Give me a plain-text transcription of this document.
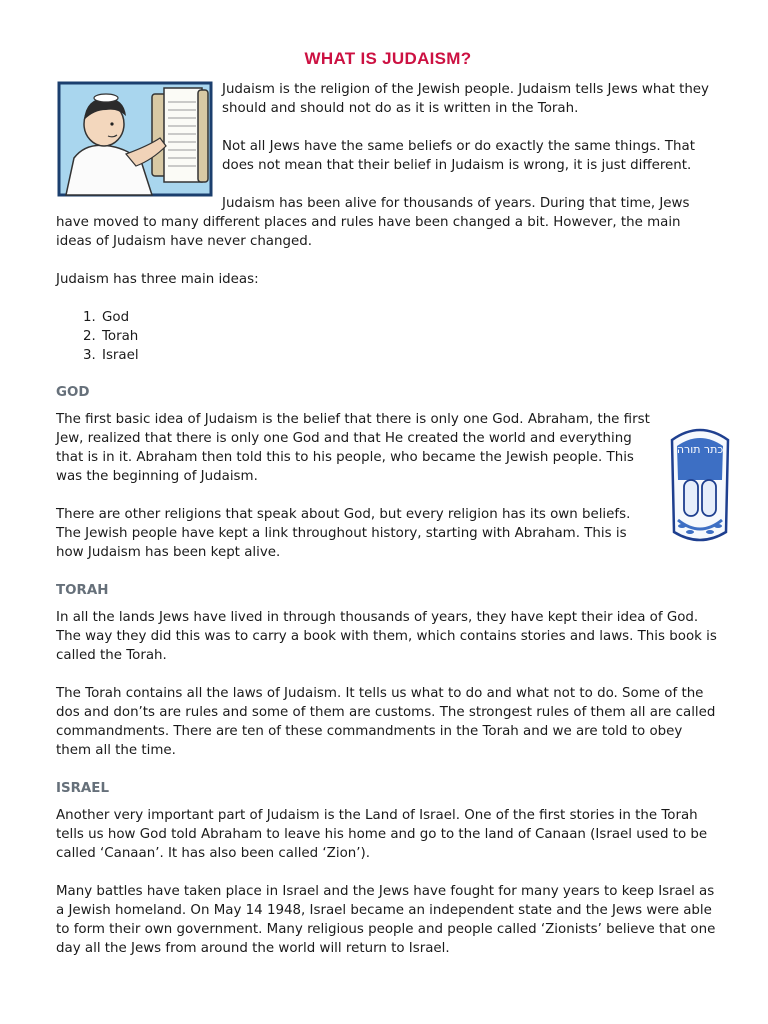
WHAT IS JUDAISM?

Judaism is the religion of the Jewish people. Judaism tells Jews what they should and should not do as it is written in the Torah.

Not all Jews have the same beliefs or do exactly the same things. That does not mean that their belief in Judaism is wrong, it is just different.

Judaism has been alive for thousands of years. During that time, Jews have moved to many different places and rules have been changed a bit. However, the main ideas of Judaism have never changed.

Judaism has three main ideas:

1. God
2. Torah
3. Israel
GOD
כתר תורה

The first basic idea of Judaism is the belief that there is only one God. Abraham, the first Jew, realized that there is only one God and that He created the world and everything that is in it. Abraham then told this to his people, who became the Jewish people. This was the beginning of Judaism.

There are other religions that speak about God, but every religion has its own beliefs. The Jewish people have kept a link throughout history, starting with Abraham. This is how Judaism has been kept alive.

TORAH

In all the lands Jews have lived in through thousands of years, they have kept their idea of God. The way they did this was to carry a book with them, which contains stories and laws. This book is called the Torah.

The Torah contains all the laws of Judaism. It tells us what to do and what not to do. Some of the dos and don’ts are rules and some of them are customs. The strongest rules of them all are called commandments. There are ten of these commandments in the Torah and we are told to obey them all the time.

ISRAEL

Another very important part of Judaism is the Land of Israel. One of the first stories in the Torah tells us how God told Abraham to leave his home and go to the land of Canaan (Israel used to be called ‘Canaan’. It has also been called ‘Zion’).

Many battles have taken place in Israel and the Jews have fought for many years to keep Israel as a Jewish homeland. On May 14 1948, Israel became an independent state and the Jews were able to form their own government. Many religious people and people called ‘Zionists’ believe that one day all the Jews from around the world will return to Israel.
